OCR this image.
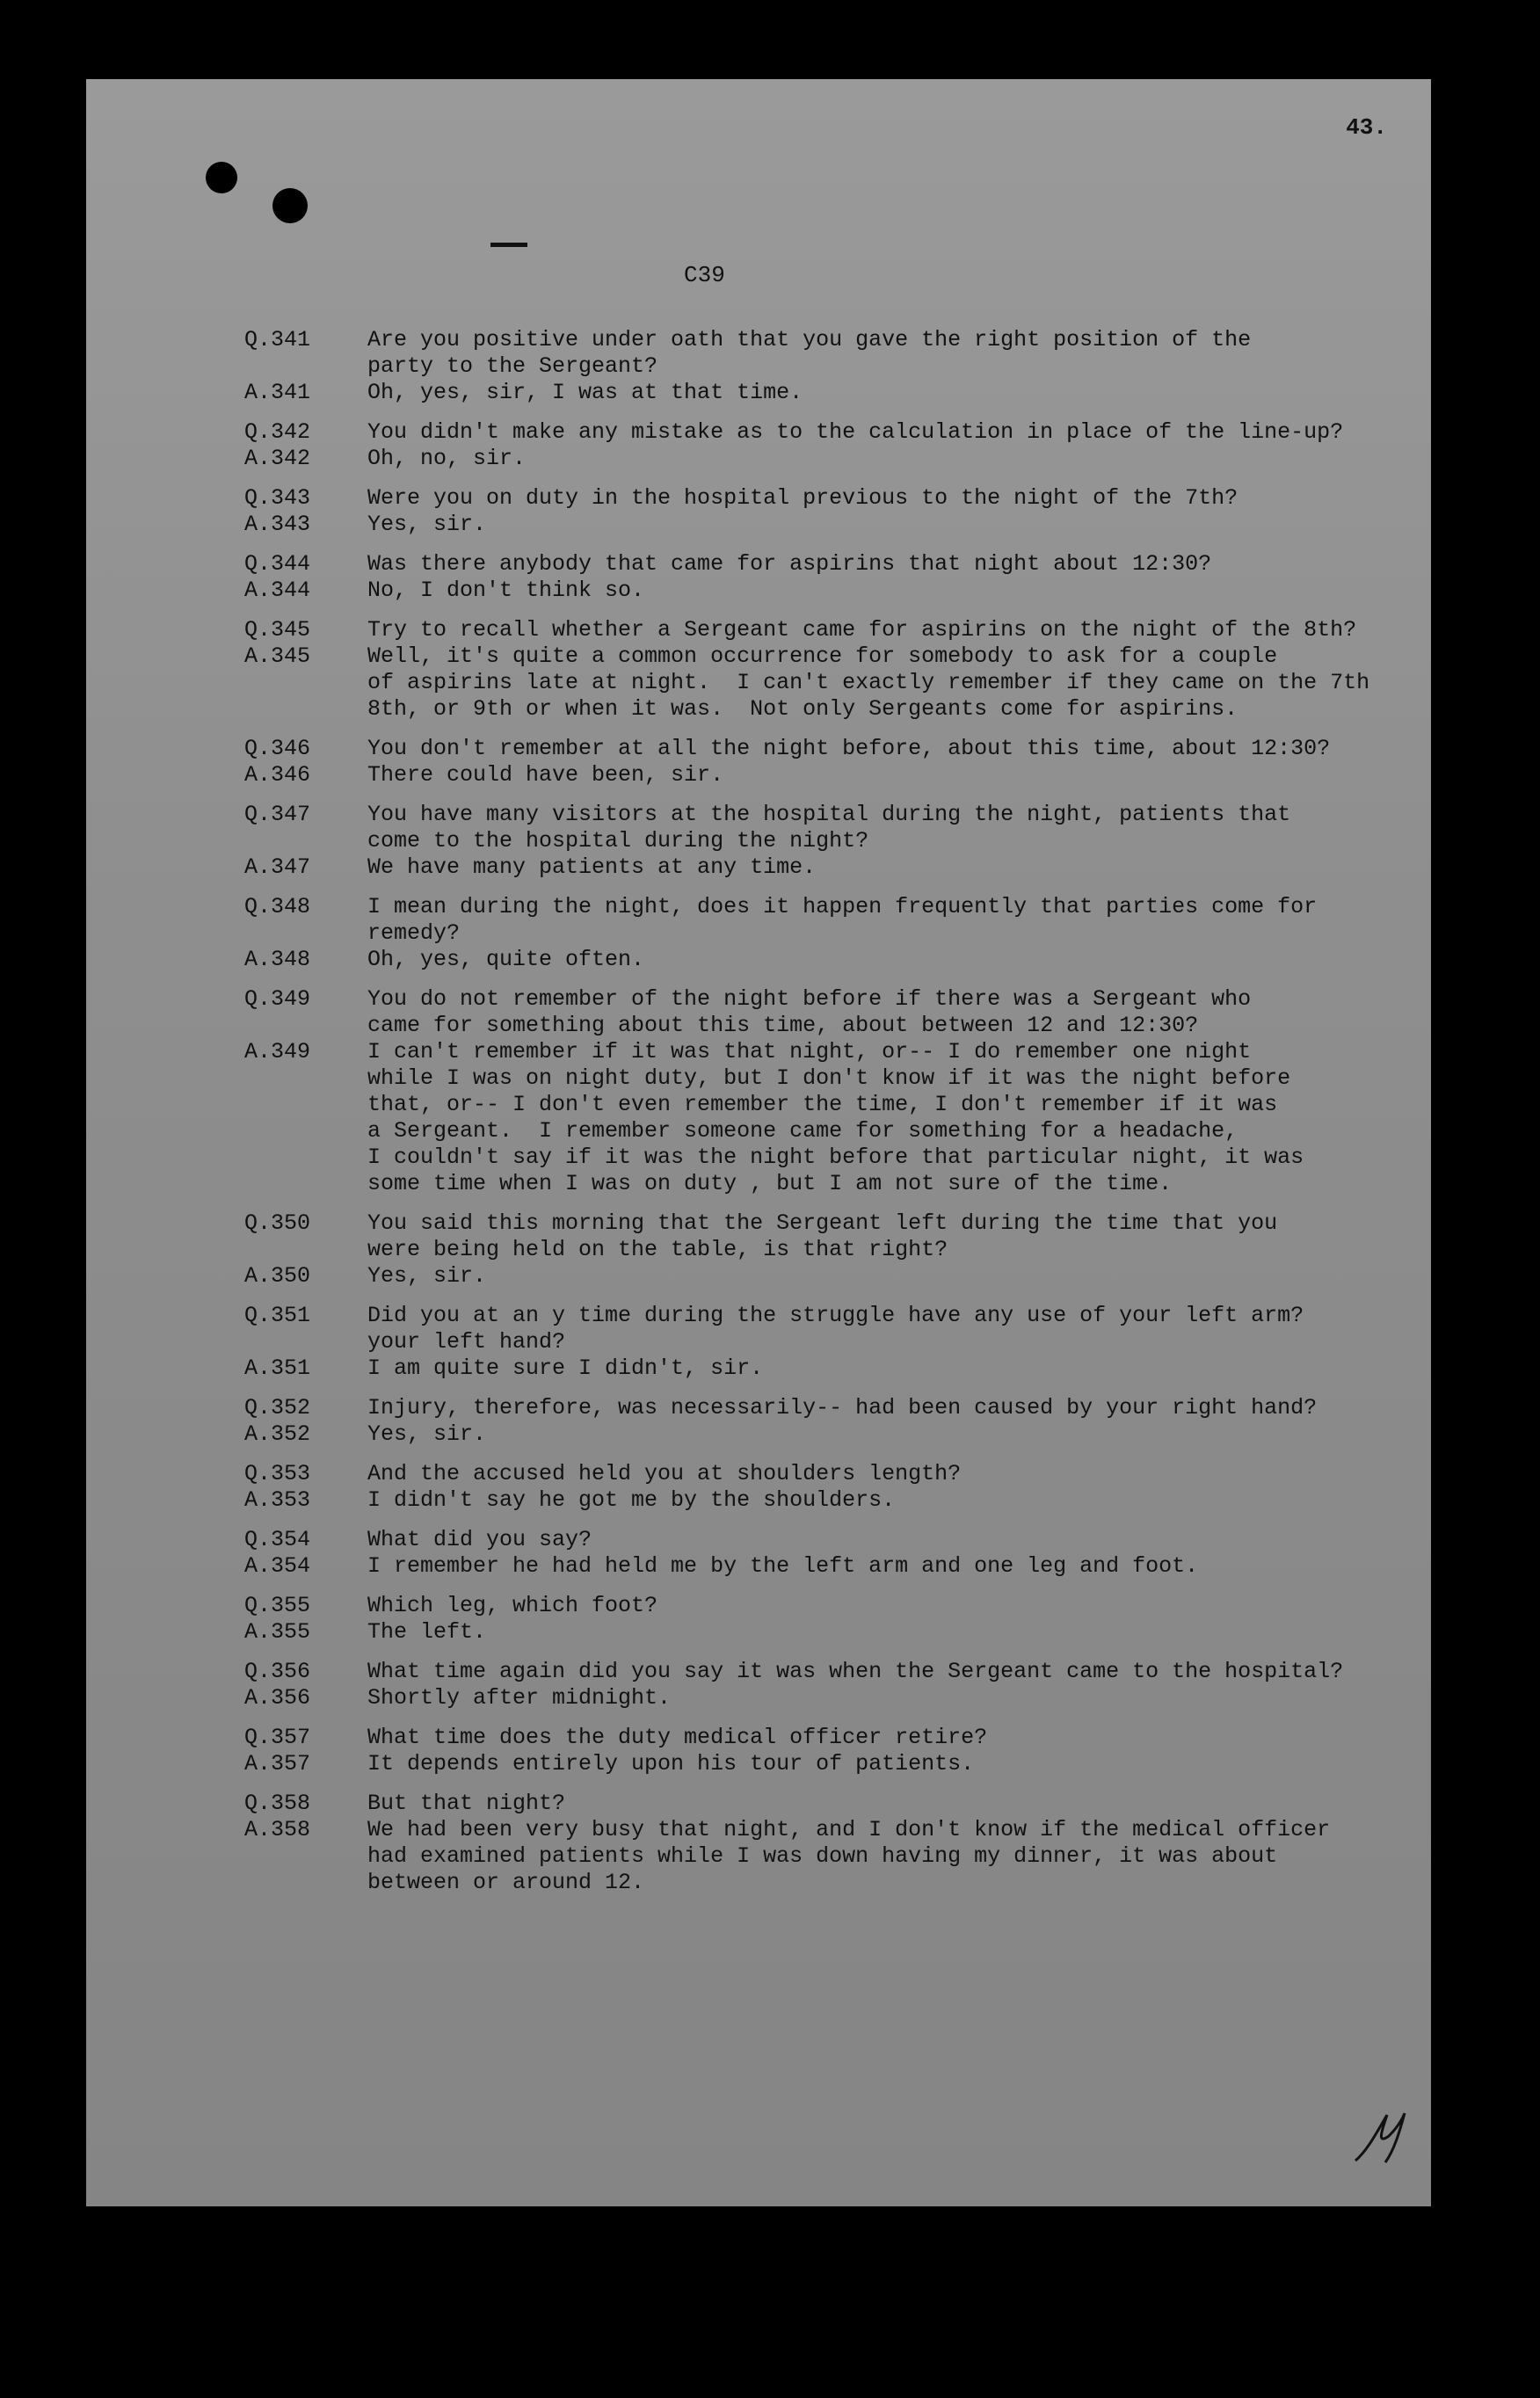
43.
C39
Q.341	Are you positive under oath that you gave the right position of the
party to the Sergeant?
A.341	Oh, yes, sir, I was at that time.
Q.342	You didn't make any mistake as to the calculation in place of the line-up?
A.342	Oh, no, sir.
Q.343	Were you on duty in the hospital previous to the night of the 7th?
A.343	Yes, sir.
Q.344	Was there anybody that came for aspirins that night about 12:30?
A.344	No, I don't think so.
Q.345	Try to recall whether a Sergeant came for aspirins on the night of the 8th?
A.345	Well, it's quite a common occurrence for somebody to ask for a couple
of aspirins late at night.  I can't exactly remember if they came on the 7th
8th, or 9th or when it was.  Not only Sergeants come for aspirins.
Q.346	You don't remember at all the night before, about this time, about 12:30?
A.346	There could have been, sir.
Q.347	You have many visitors at the hospital during the night, patients that
come to the hospital during the night?
A.347	We have many patients at any time.
Q.348	I mean during the night, does it happen frequently that parties come for
remedy?
A.348	Oh, yes, quite often.
Q.349	You do not remember of the night before if there was a Sergeant who
came for something about this time, about between 12 and 12:30?
A.349	I can't remember if it was that night, or-- I do remember one night
while I was on night duty, but I don't know if it was the night before
that, or-- I don't even remember the time, I don't remember if it was
a Sergeant.  I remember someone came for something for a headache,
I couldn't say if it was the night before that particular night, it was
some time when I was on duty , but I am not sure of the time.
Q.350	You said this morning that the Sergeant left during the time that you
were being held on the table, is that right?
A.350	Yes, sir.
Q.351	Did you at an y time during the struggle have any use of your left arm?
your left hand?
A.351	I am quite sure I didn't, sir.
Q.352	Injury, therefore, was necessarily-- had been caused by your right hand?
A.352	Yes, sir.
Q.353	And the accused held you at shoulders length?
A.353	I didn't say he got me by the shoulders.
Q.354	What did you say?
A.354	I remember he had held me by the left arm and one leg and foot.
Q.355	Which leg, which foot?
A.355	The left.
Q.356	What time again did you say it was when the Sergeant came to the hospital?
A.356	Shortly after midnight.
Q.357	What time does the duty medical officer retire?
A.357	It depends entirely upon his tour of patients.
Q.358	But that night?
A.358	We had been very busy that night, and I don't know if the medical officer
had examined patients while I was down having my dinner, it was about
between or around 12.
